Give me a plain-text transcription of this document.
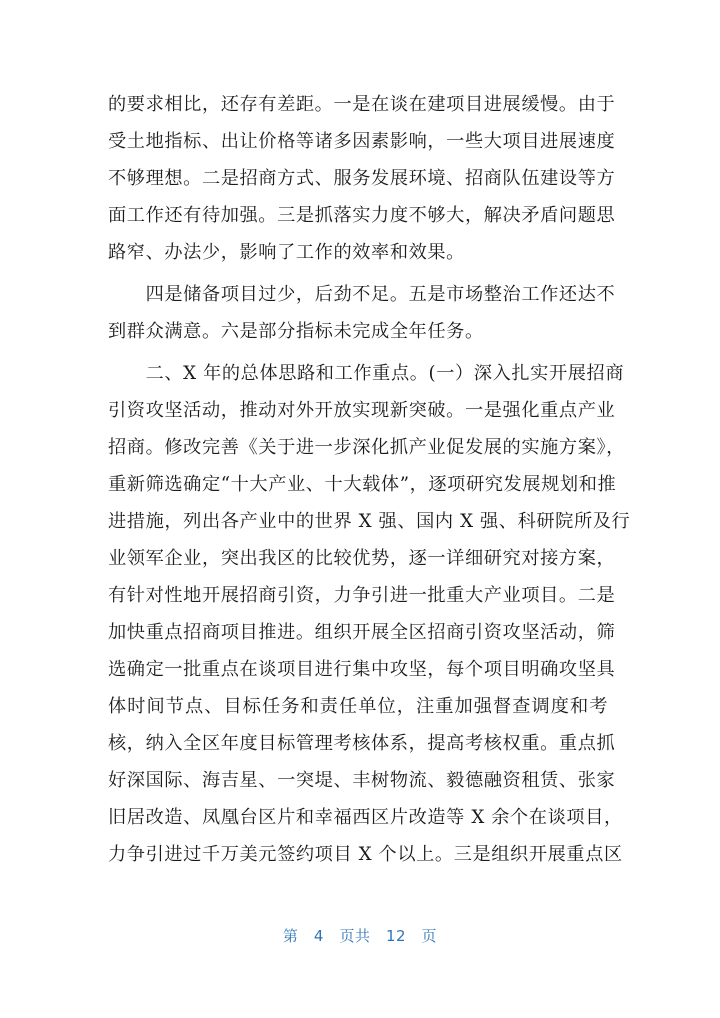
的要求相比，还存有差距。一是在谈在建项目进展缓慢。由于
受土地指标、出让价格等诸多因素影响，一些大项目进展速度
不够理想。二是招商方式、服务发展环境、招商队伍建设等方
面工作还有待加强。三是抓落实力度不够大，解决矛盾问题思
路窄、办法少，影响了工作的效率和效果。
　　四是储备项目过少，后劲不足。五是市场整治工作还达不
到群众满意。六是部分指标未完成全年任务。
　　二、X 年的总体思路和工作重点。(一）深入扎实开展招商
引资攻坚活动，推动对外开放实现新突破。一是强化重点产业
招商。修改完善《关于进一步深化抓产业促发展的实施方案》，
重新筛选确定“十大产业、十大载体”，逐项研究发展规划和推
进措施，列出各产业中的世界 X 强、国内 X 强、科研院所及行
业领军企业，突出我区的比较优势，逐一详细研究对接方案，
有针对性地开展招商引资，力争引进一批重大产业项目。二是
加快重点招商项目推进。组织开展全区招商引资攻坚活动，筛
选确定一批重点在谈项目进行集中攻坚，每个项目明确攻坚具
体时间节点、目标任务和责任单位，注重加强督查调度和考
核，纳入全区年度目标管理考核体系，提高考核权重。重点抓
好深国际、海吉星、一突堤、丰树物流、毅德融资租赁、张家
旧居改造、凤凰台区片和幸福西区片改造等 X 余个在谈项目，
力争引进过千万美元签约项目 X 个以上。三是组织开展重点区
第　4　页共　12　页
